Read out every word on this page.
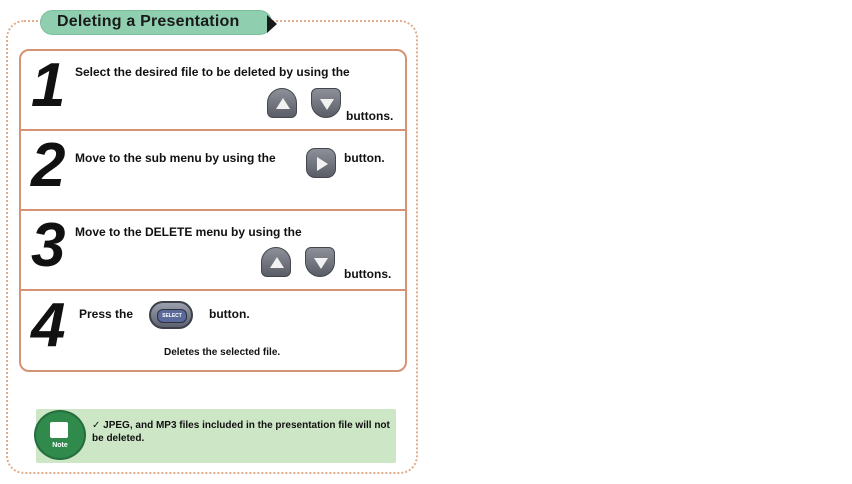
Deleting a Presentation
1 Select the desired file to be deleted by using the
buttons.
2 Move to the sub menu by using the	button.
3 Move to the DELETE menu by using the
buttons.
4 Press the	SELECT	button.
Deletes the selected file.
Note
✓ JPEG, and MP3 files included in the presentation file will not be deleted.
